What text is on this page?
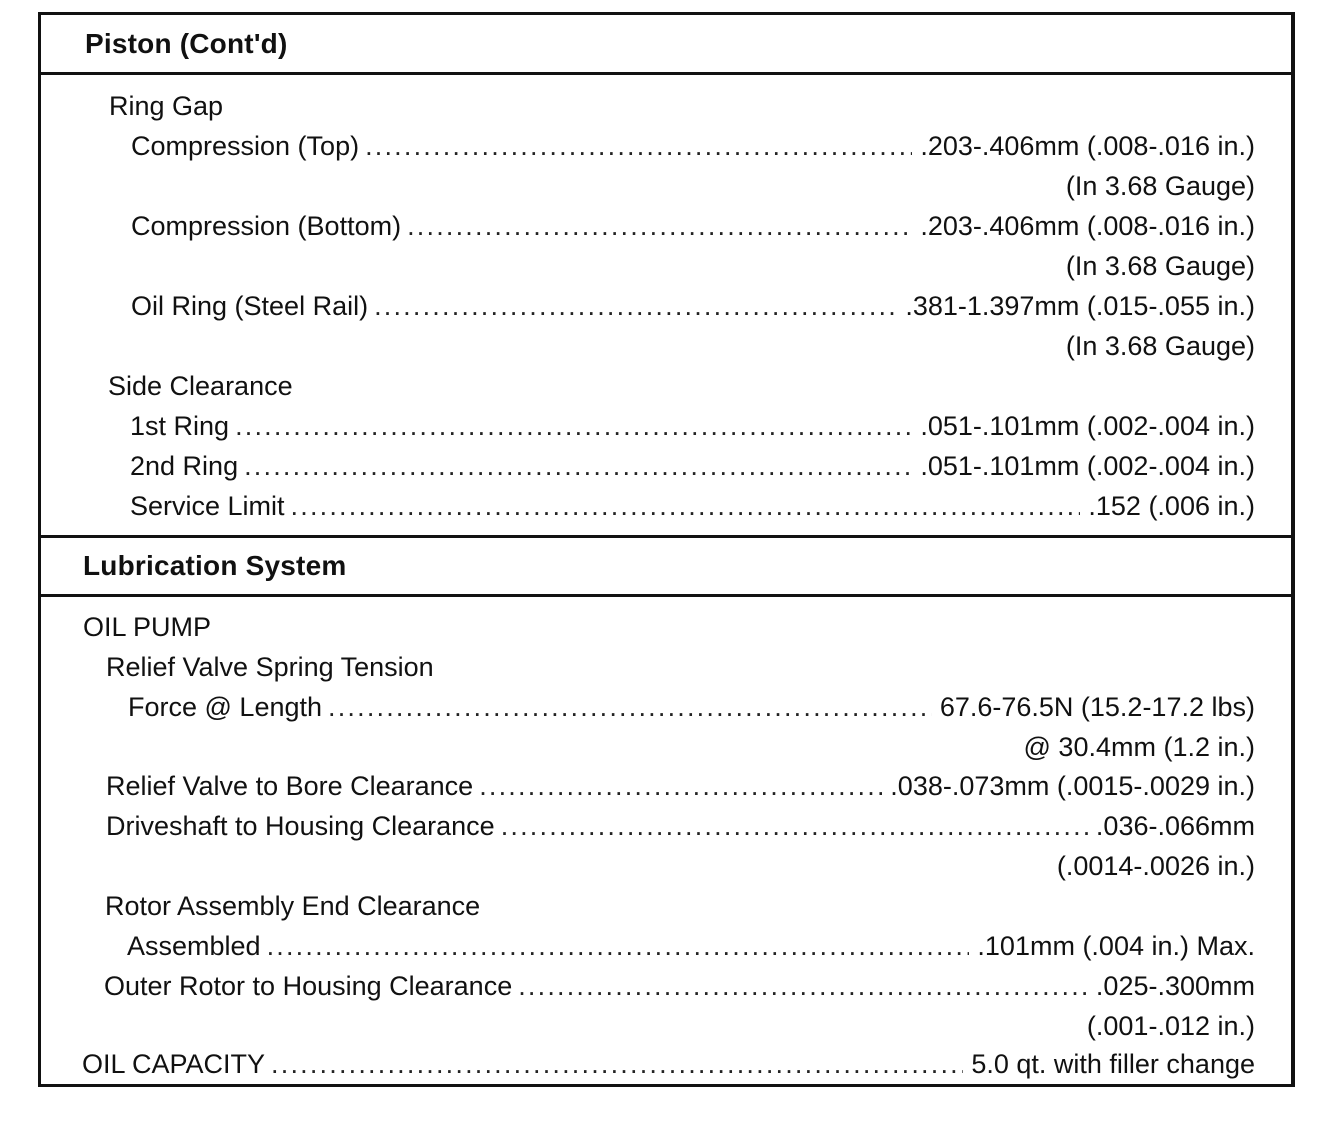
Piston (Cont'd)
Ring Gap
Compression (Top) .....	.203-.406mm (.008-.016 in.)
(In 3.68 Gauge)
Compression (Bottom) .....	.203-.406mm (.008-.016 in.)
(In 3.68 Gauge)
Oil Ring (Steel Rail) .....	.381-1.397mm (.015-.055 in.)
(In 3.68 Gauge)
Side Clearance
1st Ring .....	.051-.101mm (.002-.004 in.)
2nd Ring .....	.051-.101mm (.002-.004 in.)
Service Limit .....	.152 (.006 in.)
Lubrication System
OIL PUMP
Relief Valve Spring Tension
Force @ Length .....	67.6-76.5N (15.2-17.2 lbs)
@ 30.4mm (1.2 in.)
Relief Valve to Bore Clearance .....	.038-.073mm (.0015-.0029 in.)
Driveshaft to Housing Clearance .....	.036-.066mm
(.0014-.0026 in.)
Rotor Assembly End Clearance
Assembled .....	.101mm (.004 in.) Max.
Outer Rotor to Housing Clearance .....	.025-.300mm
(.001-.012 in.)
OIL CAPACITY .....	5.0 qt. with filler change
